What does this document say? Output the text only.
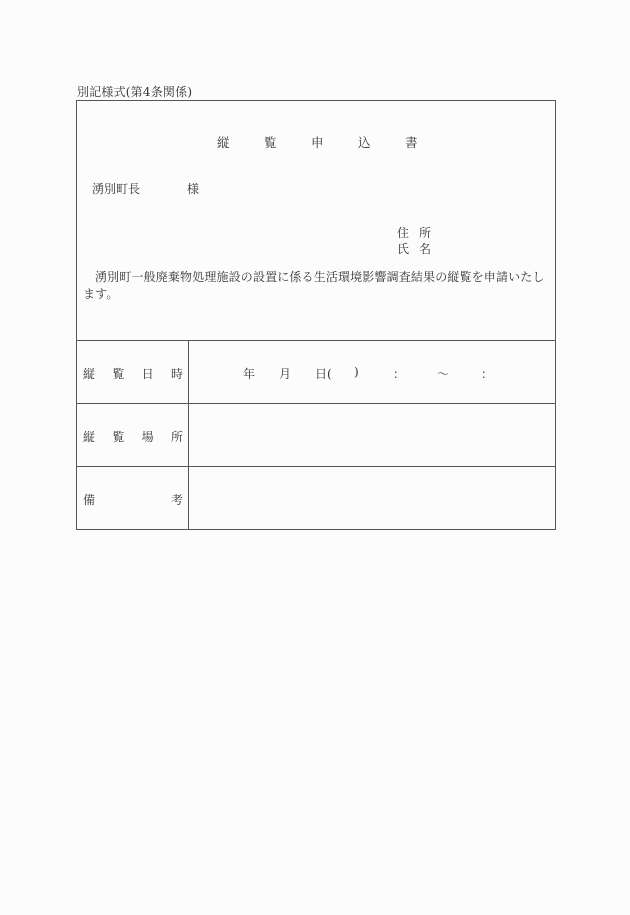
別記様式(第4条関係)
縦	覧	申	込	書
湧別町長	様
住 所
氏 名
湧別町一般廃棄物処理施設の設置に係る生活環境影響調査結果の縦覧を申請いたします。
縦 覧 日 時	年 月 日( )	：	～	：
縦 覧 場 所
備	考
